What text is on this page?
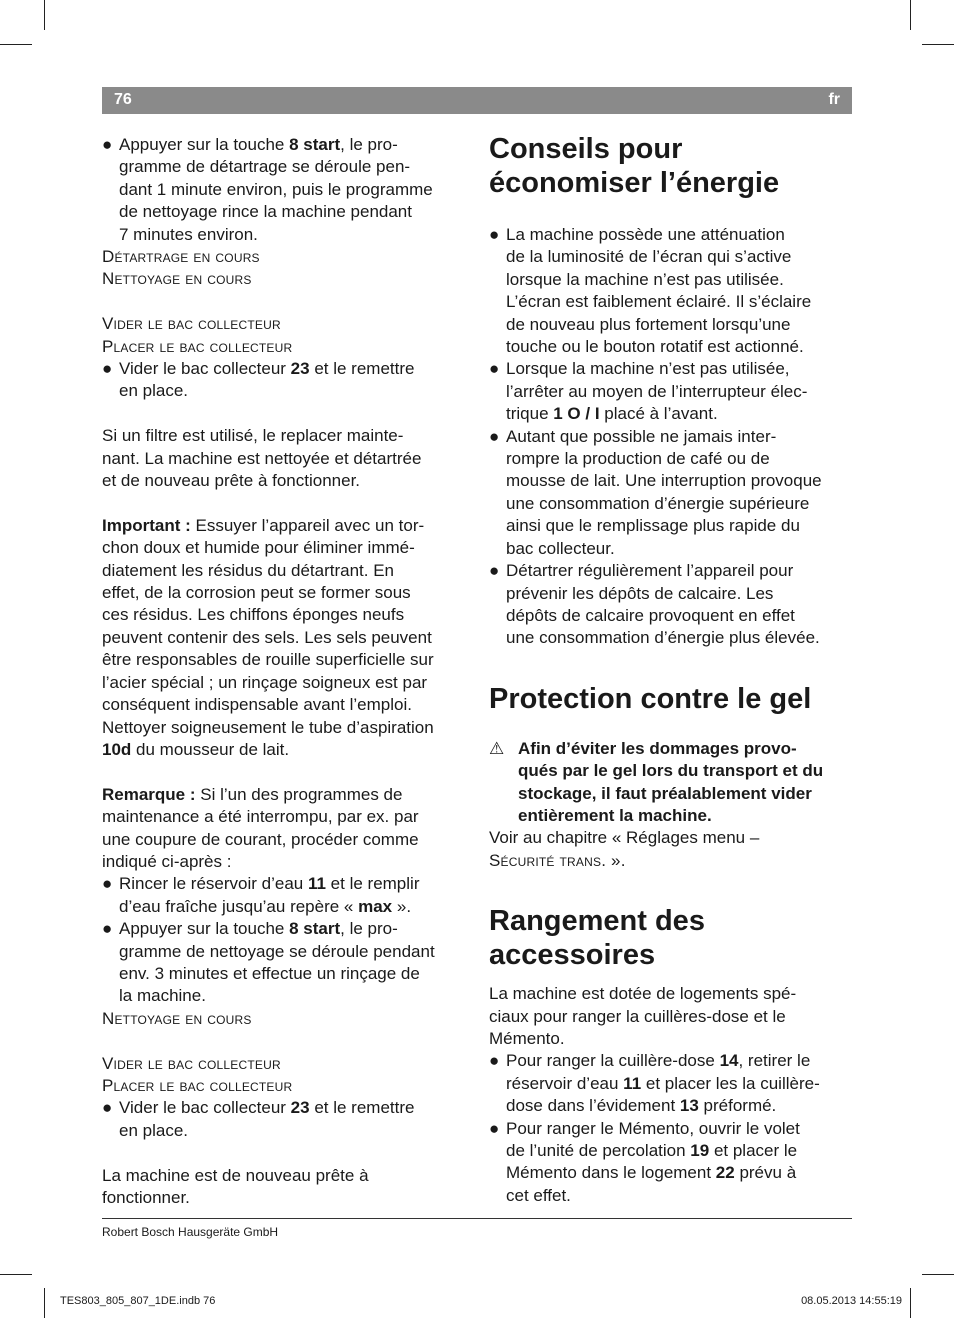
76	fr
● Appuyer sur la touche 8 start, le pro-
gramme de détartrage se déroule pen-
dant 1 minute environ, puis le programme
de nettoyage rince la machine pendant
7 minutes environ.
Détartrage en cours
Nettoyage en cours
Vider le bac collecteur
Placer le bac collecteur
● Vider le bac collecteur 23 et le remettre
en place.
Si un filtre est utilisé, le replacer mainte-
nant. La machine est nettoyée et détartrée
et de nouveau prête à fonctionner.
Important : Essuyer l’appareil avec un tor-
chon doux et humide pour éliminer immé-
diatement les résidus du détartrant. En
effet, de la corrosion peut se former sous
ces résidus. Les chiffons éponges neufs
peuvent contenir des sels. Les sels peuvent
être responsables de rouille superficielle sur
l’acier spécial ; un rinçage soigneux est par
conséquent indispensable avant l’emploi.
Nettoyer soigneusement le tube d’aspiration
10d du mousseur de lait.
Remarque : Si l’un des programmes de
maintenance a été interrompu, par ex. par
une coupure de courant, procéder comme
indiqué ci-après :
● Rincer le réservoir d’eau 11 et le remplir
d’eau fraîche jusqu’au repère « max ».
● Appuyer sur la touche 8 start, le pro-
gramme de nettoyage se déroule pendant
env. 3 minutes et effectue un rinçage de
la machine.
Nettoyage en cours
Vider le bac collecteur
Placer le bac collecteur
● Vider le bac collecteur 23 et le remettre
en place.
La machine est de nouveau prête à
fonctionner.
Conseils pour
économiser l’énergie
● La machine possède une atténuation
de la luminosité de l’écran qui s’active
lorsque la machine n’est pas utilisée.
L’écran est faiblement éclairé. Il s’éclaire
de nouveau plus fortement lorsqu’une
touche ou le bouton rotatif est actionné.
● Lorsque la machine n’est pas utilisée,
l’arrêter au moyen de l’interrupteur élec-
trique 1 O / I placé à l’avant.
● Autant que possible ne jamais inter-
rompre la production de café ou de
mousse de lait. Une interruption provoque
une consommation d’énergie supérieure
ainsi que le remplissage plus rapide du
bac collecteur.
● Détartrer régulièrement l’appareil pour
prévenir les dépôts de calcaire. Les
dépôts de calcaire provoquent en effet
une consommation d’énergie plus élevée.
Protection contre le gel
⚠ Afin d’éviter les dommages provo-
qués par le gel lors du transport et du
stockage, il faut préalablement vider
entièrement la machine.
Voir au chapitre « Réglages menu –
Sécurité trans. ».
Rangement des
accessoires
La machine est dotée de logements spé-
ciaux pour ranger la cuillères-dose et le
Mémento.
● Pour ranger la cuillère-dose 14, retirer le
réservoir d’eau 11 et placer les la cuillère-
dose dans l’évidement 13 préformé.
● Pour ranger le Mémento, ouvrir le volet
de l’unité de percolation 19 et placer le
Mémento dans le logement 22 prévu à
cet effet.
Robert Bosch Hausgeräte GmbH
TES803_805_807_1DE.indb 76	08.05.2013 14:55:19
